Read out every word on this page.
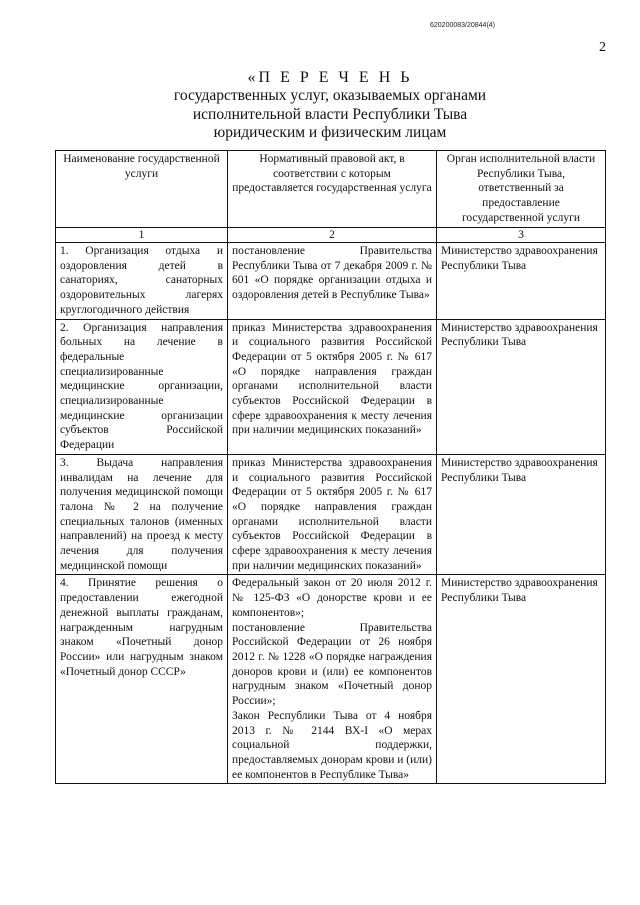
620200083/20844(4)
2

«П Е Р Е Ч Е Н Ь

государственных услуг, оказываемых органами

исполнительной власти Республики Тыва

юридическим и физическим лицам

Наименование государственной услуги	Нормативный правовой акт, в соответствии с которым предоставляется государственная услуга	Орган исполнительной власти Республики Тыва, ответственный за предоставление государственной услуги
1	2	3
1. Организация отдыха и оздоровления детей в санаториях, санаторных оздоровительных лагерях круглогодичного действия	постановление Правительства Республики Тыва от 7 декабря 2009 г. № 601 «О порядке организации отдыха и оздоровления детей в Республике Тыва»	Министерство здравоохранения Республики Тыва
2. Организация направления больных на лечение в федеральные специализированные медицинские организации, специализированные медицинские организации субъектов Российской Федерации	приказ Министерства здравоохранения и социального развития Российской Федерации от 5 октября 2005 г. № 617 «О порядке направления граждан органами исполнительной власти субъектов Российской Федерации в сфере здравоохранения к месту лечения при наличии медицинских показаний»	Министерство здравоохранения Республики Тыва
3. Выдача направления инвалидам на лечение для получения медицинской помощи талона № 2 на получение специальных талонов (именных направлений) на проезд к месту лечения для получения медицинской помощи	приказ Министерства здравоохранения и социального развития Российской Федерации от 5 октября 2005 г. № 617 «О порядке направления граждан органами исполнительной власти субъектов Российской Федерации в сфере здравоохранения к месту лечения при наличии медицинских показаний»	Министерство здравоохранения Республики Тыва
4. Принятие решения о предоставлении ежегодной денежной выплаты гражданам, награжденным нагрудным знаком «Почетный донор России» или нагрудным знаком «Почетный донор СССР»	Федеральный закон от 20 июля 2012 г. № 125-ФЗ «О донорстве крови и ее компонентов»;
постановление Правительства Российской Федерации от 26 ноября 2012 г. № 1228 «О порядке награждения доноров крови и (или) ее компонентов нагрудным знаком «Почетный донор России»;
Закон Республики Тыва от 4 ноября 2013 г. № 2144 ВХ-I «О мерах социальной поддержки, предоставляемых донорам крови и (или) ее компонентов в Республике Тыва»	Министерство здравоохранения Республики Тыва
